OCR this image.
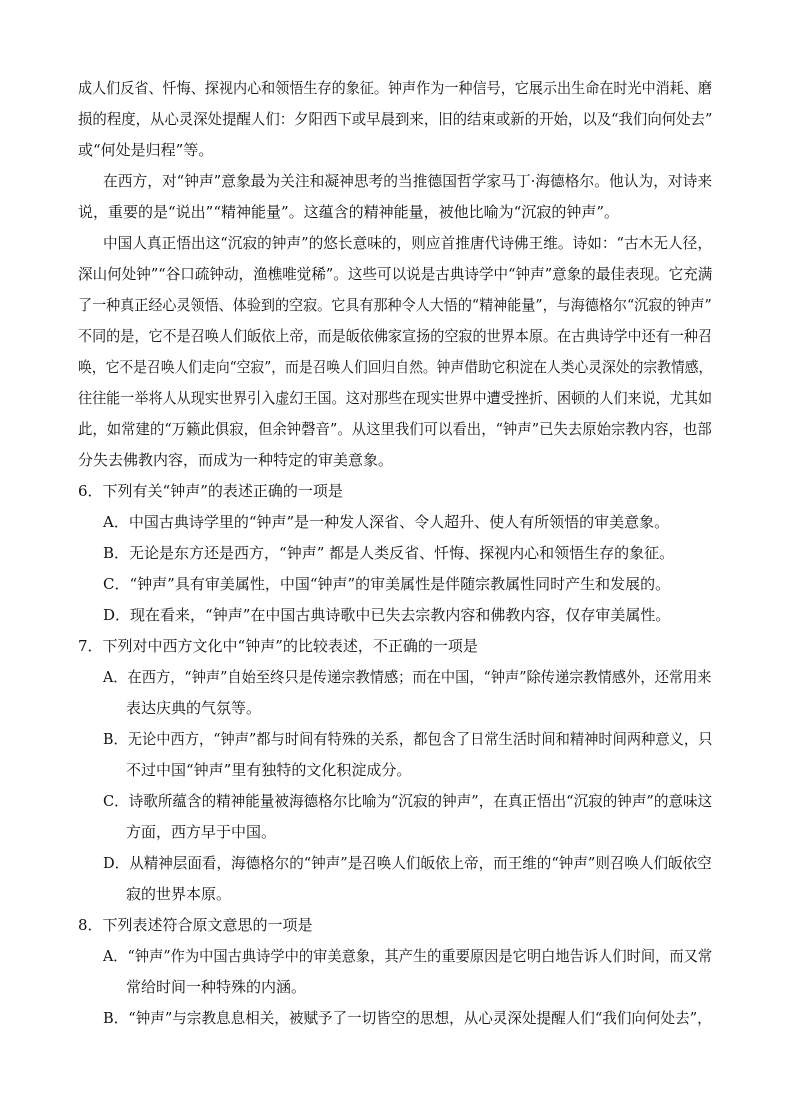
成人们反省、忏悔、探视内心和领悟生存的象征。钟声作为一种信号，它展示出生命在时光中消耗、磨
损的程度，从心灵深处提醒人们：夕阳西下或早晨到来，旧的结束或新的开始，以及“我们向何处去”
或“何处是归程”等。
在西方，对“钟声”意象最为关注和凝神思考的当推德国哲学家马丁·海德格尔。他认为，对诗来
说，重要的是“说出”“精神能量”。这蕴含的精神能量，被他比喻为“沉寂的钟声”。
中国人真正悟出这“沉寂的钟声”的悠长意味的，则应首推唐代诗佛王维。诗如：“古木无人径，
深山何处钟”“谷口疏钟动，渔樵唯觉稀”。这些可以说是古典诗学中“钟声”意象的最佳表现。它充满
了一种真正经心灵领悟、体验到的空寂。它具有那种令人大悟的“精神能量”，与海德格尔“沉寂的钟声”
不同的是，它不是召唤人们皈依上帝，而是皈依佛家宣扬的空寂的世界本原。在古典诗学中还有一种召
唤，它不是召唤人们走向“空寂”，而是召唤人们回归自然。钟声借助它积淀在人类心灵深处的宗教情感，
往往能一举将人从现实世界引入虚幻王国。这对那些在现实世界中遭受挫折、困顿的人们来说，尤其如
此，如常建的“万籁此俱寂，但余钟磬音”。从这里我们可以看出，“钟声”已失去原始宗教内容，也部
分失去佛教内容，而成为一种特定的审美意象。
6．下列有关“钟声”的表述正确的一项是
A．中国古典诗学里的“钟声”是一种发人深省、令人超升、使人有所领悟的审美意象。
B．无论是东方还是西方，“钟声” 都是人类反省、忏悔、探视内心和领悟生存的象征。
C．“钟声”具有审美属性，中国“钟声”的审美属性是伴随宗教属性同时产生和发展的。
D．现在看来，“钟声”在中国古典诗歌中已失去宗教内容和佛教内容，仅存审美属性。
7．下列对中西方文化中“钟声”的比较表述，不正确的一项是
A．在西方，“钟声”自始至终只是传递宗教情感；而在中国，“钟声”除传递宗教情感外，还常用来
表达庆典的气氛等。
B．无论中西方，“钟声”都与时间有特殊的关系，都包含了日常生活时间和精神时间两种意义，只
不过中国“钟声”里有独特的文化积淀成分。
C．诗歌所蕴含的精神能量被海德格尔比喻为“沉寂的钟声”，在真正悟出“沉寂的钟声”的意味这
方面，西方早于中国。
D．从精神层面看，海德格尔的“钟声”是召唤人们皈依上帝，而王维的“钟声”则召唤人们皈依空
寂的世界本原。
8．下列表述符合原文意思的一项是
A．“钟声”作为中国古典诗学中的审美意象，其产生的重要原因是它明白地告诉人们时间，而又常
常给时间一种特殊的内涵。
B．“钟声”与宗教息息相关，被赋予了一切皆空的思想，从心灵深处提醒人们“我们向何处去”，
